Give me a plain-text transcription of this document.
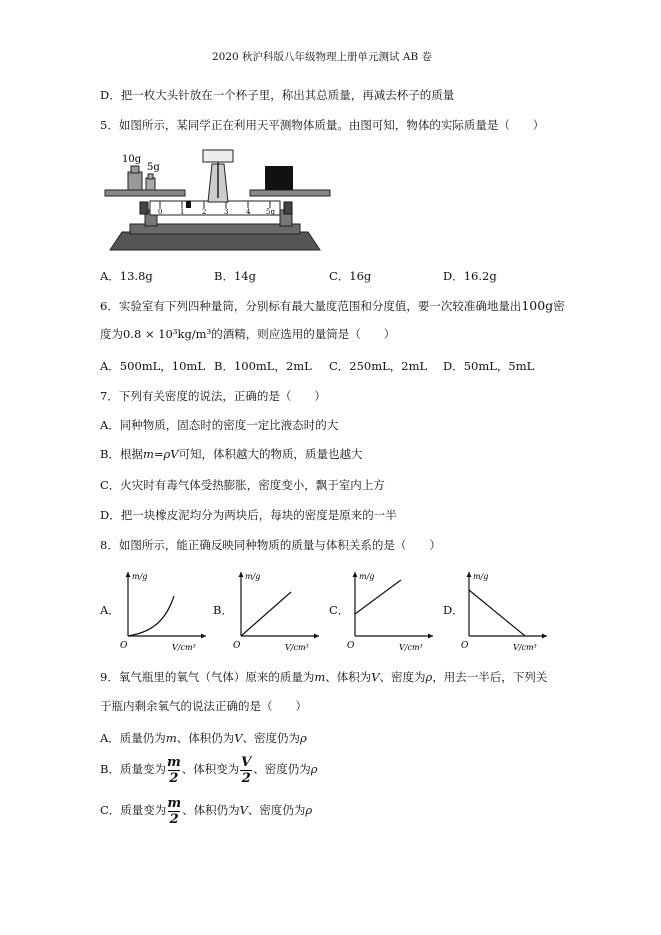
2020 秋沪科版八年级物理上册单元测试 AB 卷
D．把一枚大头针放在一个杯子里，称出其总质量，再减去杯子的质量
5．如图所示，某同学正在利用天平测物体质量。由图可知，物体的实际质量是（　　）
0	1	2	3	4 5g
10g
5g
A．13.8g	B．14g	C．16g	D．16.2g
6．实验室有下列四种量筒，分别标有最大量度范围和分度值，要一次较准确地量出100g密
度为0.8 × 10³kg/m³的酒精，则应选用的量筒是（　　）
A．500mL，10mL B．100mL，2mL C．250mL，2mL D．50mL，5mL
7．下列有关密度的说法，正确的是（　　）
A．同种物质，固态时的密度一定比液态时的大
B．根据m=ρV可知，体积越大的物质，质量也越大
C．火灾时有毒气体受热膨胀，密度变小，飘于室内上方
D．把一块橡皮泥均分为两块后，每块的密度是原来的一半
8．如图所示，能正确反映同种物质的质量与体积关系的是（　　）
A．	B．	C．	D．
m/g
O	V/cm³
m/g
O	V/cm³
m/g
O	V/cm³
m/g
O	V/cm³
9．氧气瓶里的氧气（气体）原来的质量为m、体积为V、密度为ρ，用去一半后，下列关
于瓶内剩余氧气的说法正确的是（　　）
A．质量仍为m、体积仍为V、密度仍为ρ
B．质量变为 $\frac{m}{2}$ 、体积变为 $\frac{V}{2}$ 、密度仍为ρ
C．质量变为 $\frac{m}{2}$ 、体积仍为V、密度仍为ρ
